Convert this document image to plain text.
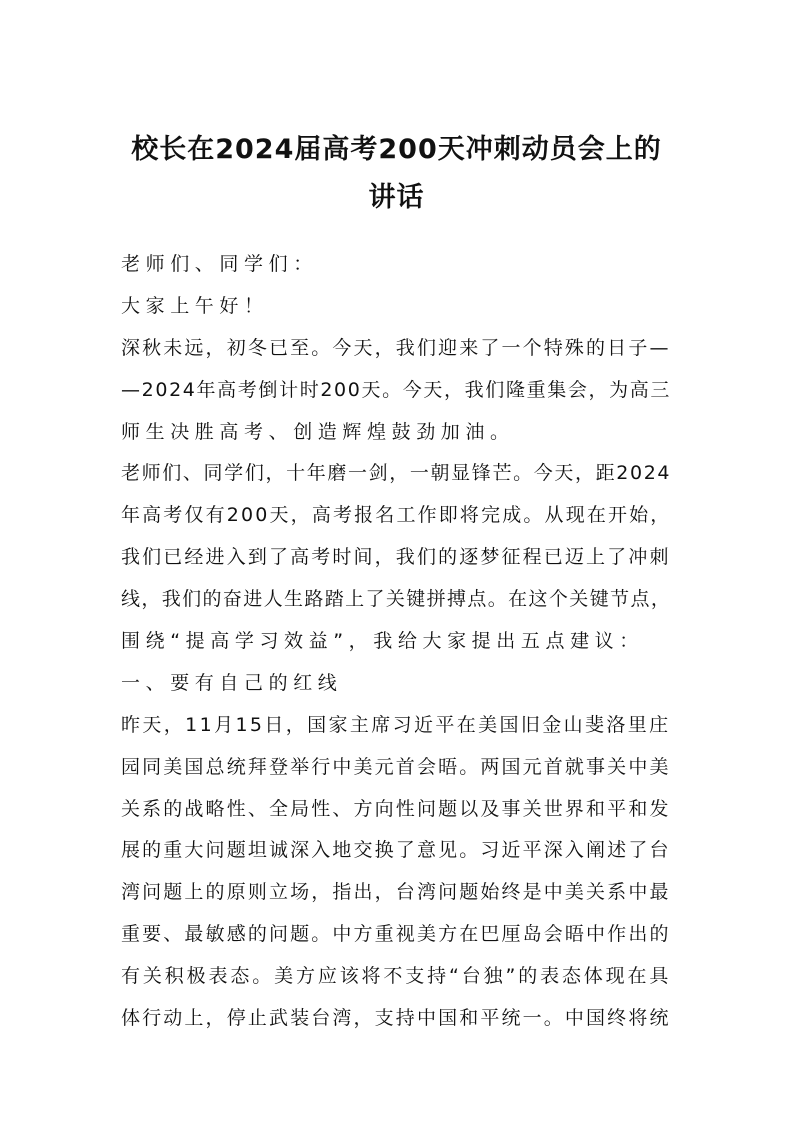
校长在2024届高考200天冲刺动员会上的
讲话
老师们、同学们：
大家上午好！
深秋未远，初冬已至。今天，我们迎来了一个特殊的日子—
—2024年高考倒计时200天。今天，我们隆重集会，为高三
师生决胜高考、创造辉煌鼓劲加油。
老师们、同学们，十年磨一剑，一朝显锋芒。今天，距2024
年高考仅有200天，高考报名工作即将完成。从现在开始，
我们已经进入到了高考时间，我们的逐梦征程已迈上了冲刺
线，我们的奋进人生路踏上了关键拼搏点。在这个关键节点，
围绕“提高学习效益”，我给大家提出五点建议：
一、要有自己的红线
昨天，11月15日，国家主席习近平在美国旧金山斐洛里庄
园同美国总统拜登举行中美元首会晤。两国元首就事关中美
关系的战略性、全局性、方向性问题以及事关世界和平和发
展的重大问题坦诚深入地交换了意见。习近平深入阐述了台
湾问题上的原则立场，指出，台湾问题始终是中美关系中最
重要、最敏感的问题。中方重视美方在巴厘岛会晤中作出的
有关积极表态。美方应该将不支持“台独”的表态体现在具
体行动上，停止武装台湾，支持中国和平统一。中国终将统
